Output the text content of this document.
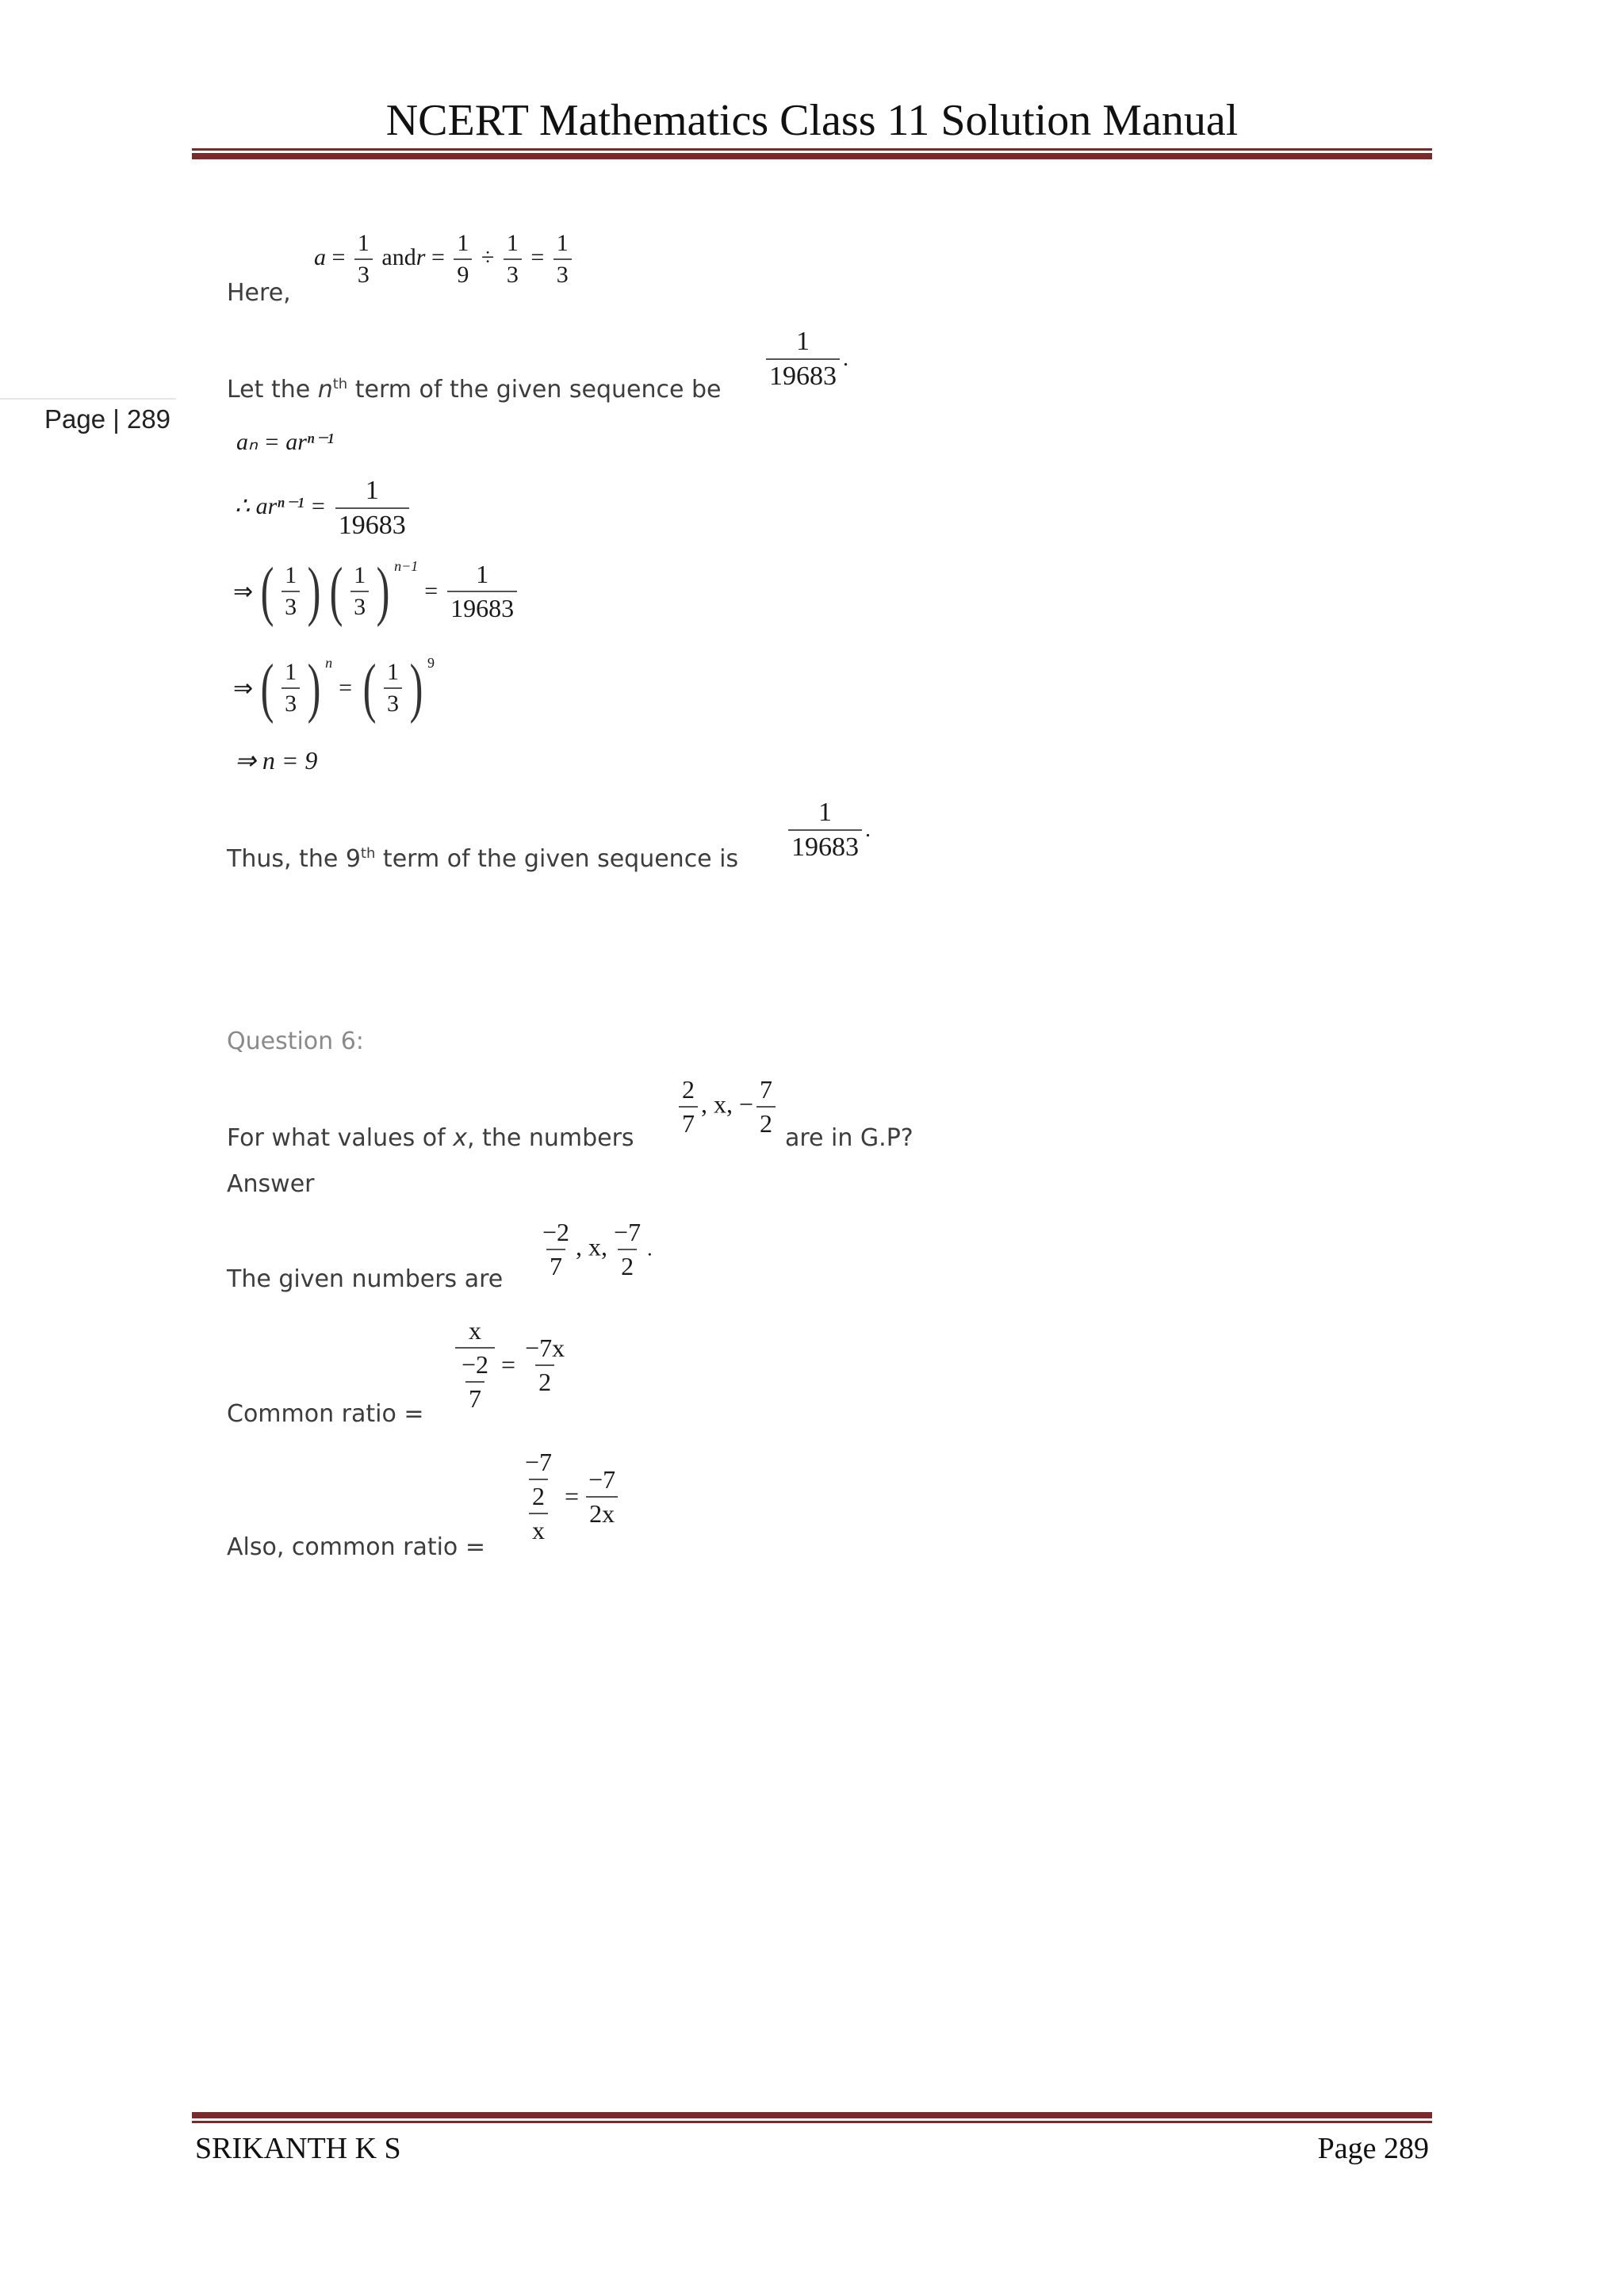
NCERT Mathematics Class 11 Solution Manual
Page | 289
Here,
$a = \frac{1}{3}$ andr = $\frac{1}{9} \div \frac{1}{3} = \frac{1}{3}$
Let the $n^{th}$ term of the given sequence be $\frac{1}{19683}$ .
aₙ = arⁿ⁻¹
∴ $ar^{n-1} = \frac{1}{19683}$
⇒ ( $\frac{1}{3}$ ) ( $\frac{1}{3}$ ) $^{n-1}$
= $\frac{1}{19683}$
⇒ ( $\frac{1}{3}$ ) $^n$
= ( $\frac{1}{3}$ ) $^9$
⇒ n = 9
Thus, the 9th term of the given sequence is $\frac{1}{19683}$ .
Question 6:
For what values of x, the numbers $\frac{2}{7}$ , x, − $\frac{7}{2}$ are in G.P?
Answer
The given numbers are $\frac{-2}{7}$ , x, $\frac{-7}{2}$ .
Common ratio =
$\frac{x}{\frac{-2}{7}} = \frac{-7x}{2}$
Also, common ratio =
$\frac{\frac{-7}{2}}{x} = \frac{-7}{2x}$
SRIKANTH K S	Page 289
